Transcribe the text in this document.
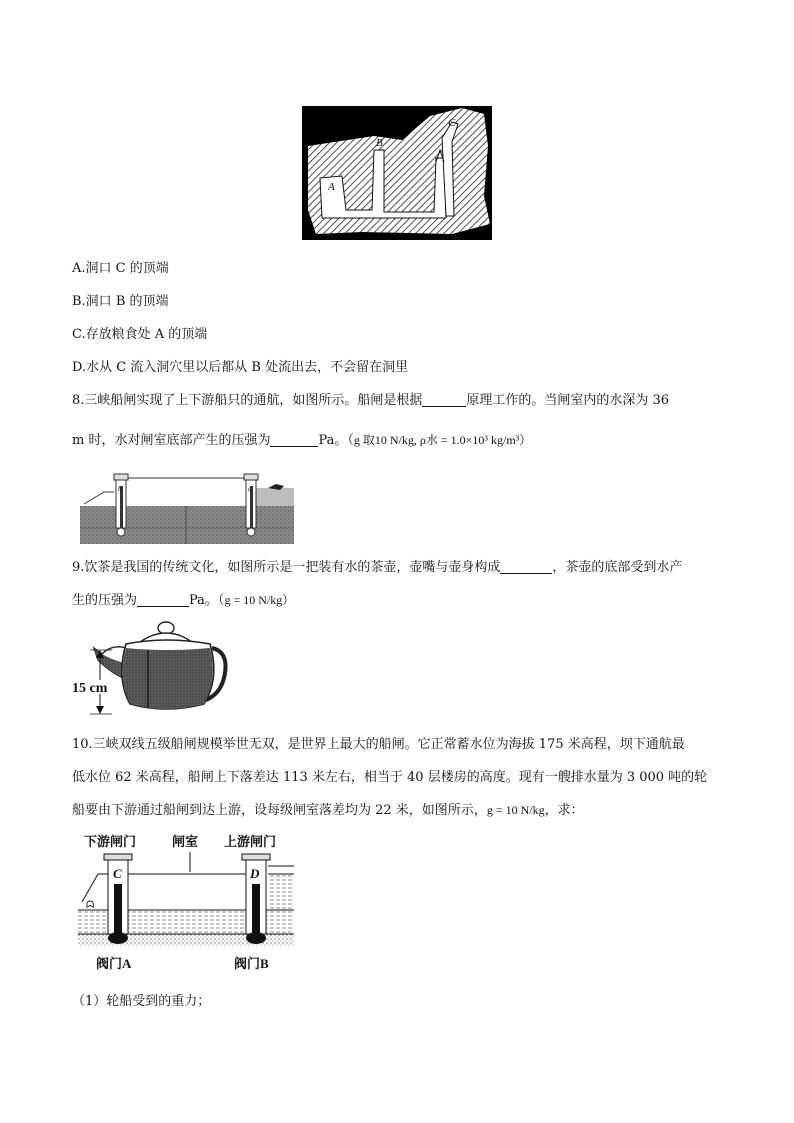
A
B
C
A.洞口 C 的顶端
B.洞口 B 的顶端
C.存放粮食处 A 的顶端
D.水从 C 流入洞穴里以后都从 B 处流出去，不会留在洞里
8.三峡船闸实现了上下游船只的通航，如图所示。船闸是根据	原理工作的。当闸室内的水深为 36
m 时，水对闸室底部产生的压强为	Pa。（g 取10 N/kg, ρ水 = 1.0×10³ kg/m³）
b	c
9.饮茶是我国的传统文化，如图所示是一把装有水的茶壶，壶嘴与壶身构成	，茶壶的底部受到水产
生的压强为	Pa。（g = 10 N/kg）
15 cm
10.三峡双线五级船闸规模举世无双，是世界上最大的船闸。它正常蓄水位为海拔 175 米高程，坝下通航最
低水位 62 米高程，船闸上下落差达 113 米左右，相当于 40 层楼房的高度。现有一艘排水量为 3 000 吨的轮
船要由下游通过船闸到达上游，设每级闸室落差均为 22 米，如图所示，g = 10 N/kg，求：
下游闸门	闸室 上游闸门
ᗣ
C	D
阀门A	阀门B
（1）轮船受到的重力；
